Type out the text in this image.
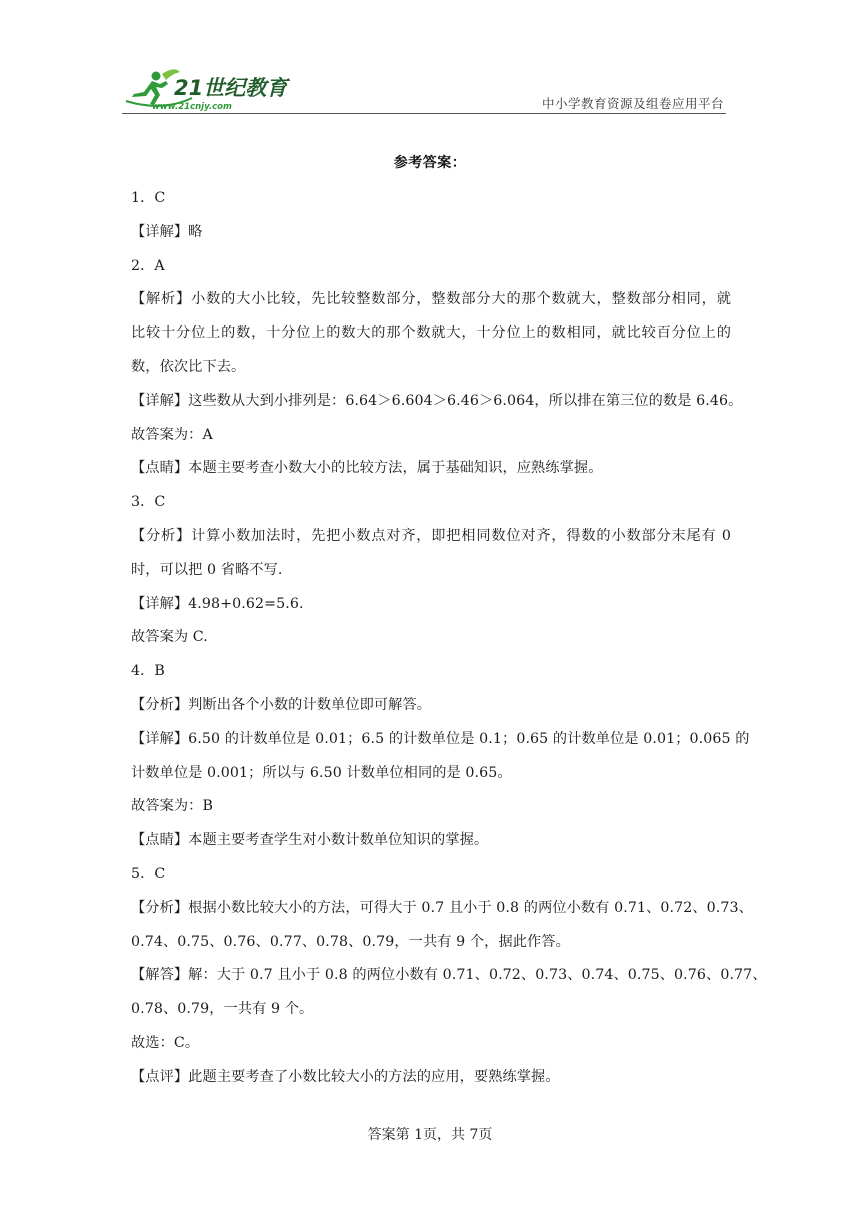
21世纪教育
www.21cnjy.com	中小学教育资源及组卷应用平台
参考答案：
1．C
【详解】略
2．A
【解析】小数的大小比较，先比较整数部分，整数部分大的那个数就大，整数部分相同，就
比较十分位上的数，十分位上的数大的那个数就大，十分位上的数相同，就比较百分位上的
数，依次比下去。
【详解】这些数从大到小排列是：6.64＞6.604＞6.46＞6.064，所以排在第三位的数是 6.46。
故答案为：A
【点睛】本题主要考查小数大小的比较方法，属于基础知识，应熟练掌握。
3．C
【分析】计算小数加法时，先把小数点对齐，即把相同数位对齐，得数的小数部分末尾有 0
时，可以把 0 省略不写.
【详解】4.98+0.62=5.6.
故答案为 C.
4．B
【分析】判断出各个小数的计数单位即可解答。
【详解】6.50 的计数单位是 0.01；6.5 的计数单位是 0.1；0.65 的计数单位是 0.01；0.065 的
计数单位是 0.001；所以与 6.50 计数单位相同的是 0.65。
故答案为：B
【点睛】本题主要考查学生对小数计数单位知识的掌握。
5．C
【分析】根据小数比较大小的方法，可得大于 0.7 且小于 0.8 的两位小数有 0.71、0.72、0.73、
0.74、0.75、0.76、0.77、0.78、0.79，一共有 9 个，据此作答。
【解答】解：大于 0.7 且小于 0.8 的两位小数有 0.71、0.72、0.73、0.74、0.75、0.76、0.77、
0.78、0.79，一共有 9 个。
故选：C。
【点评】此题主要考查了小数比较大小的方法的应用，要熟练掌握。
答案第 1页，共 7页
